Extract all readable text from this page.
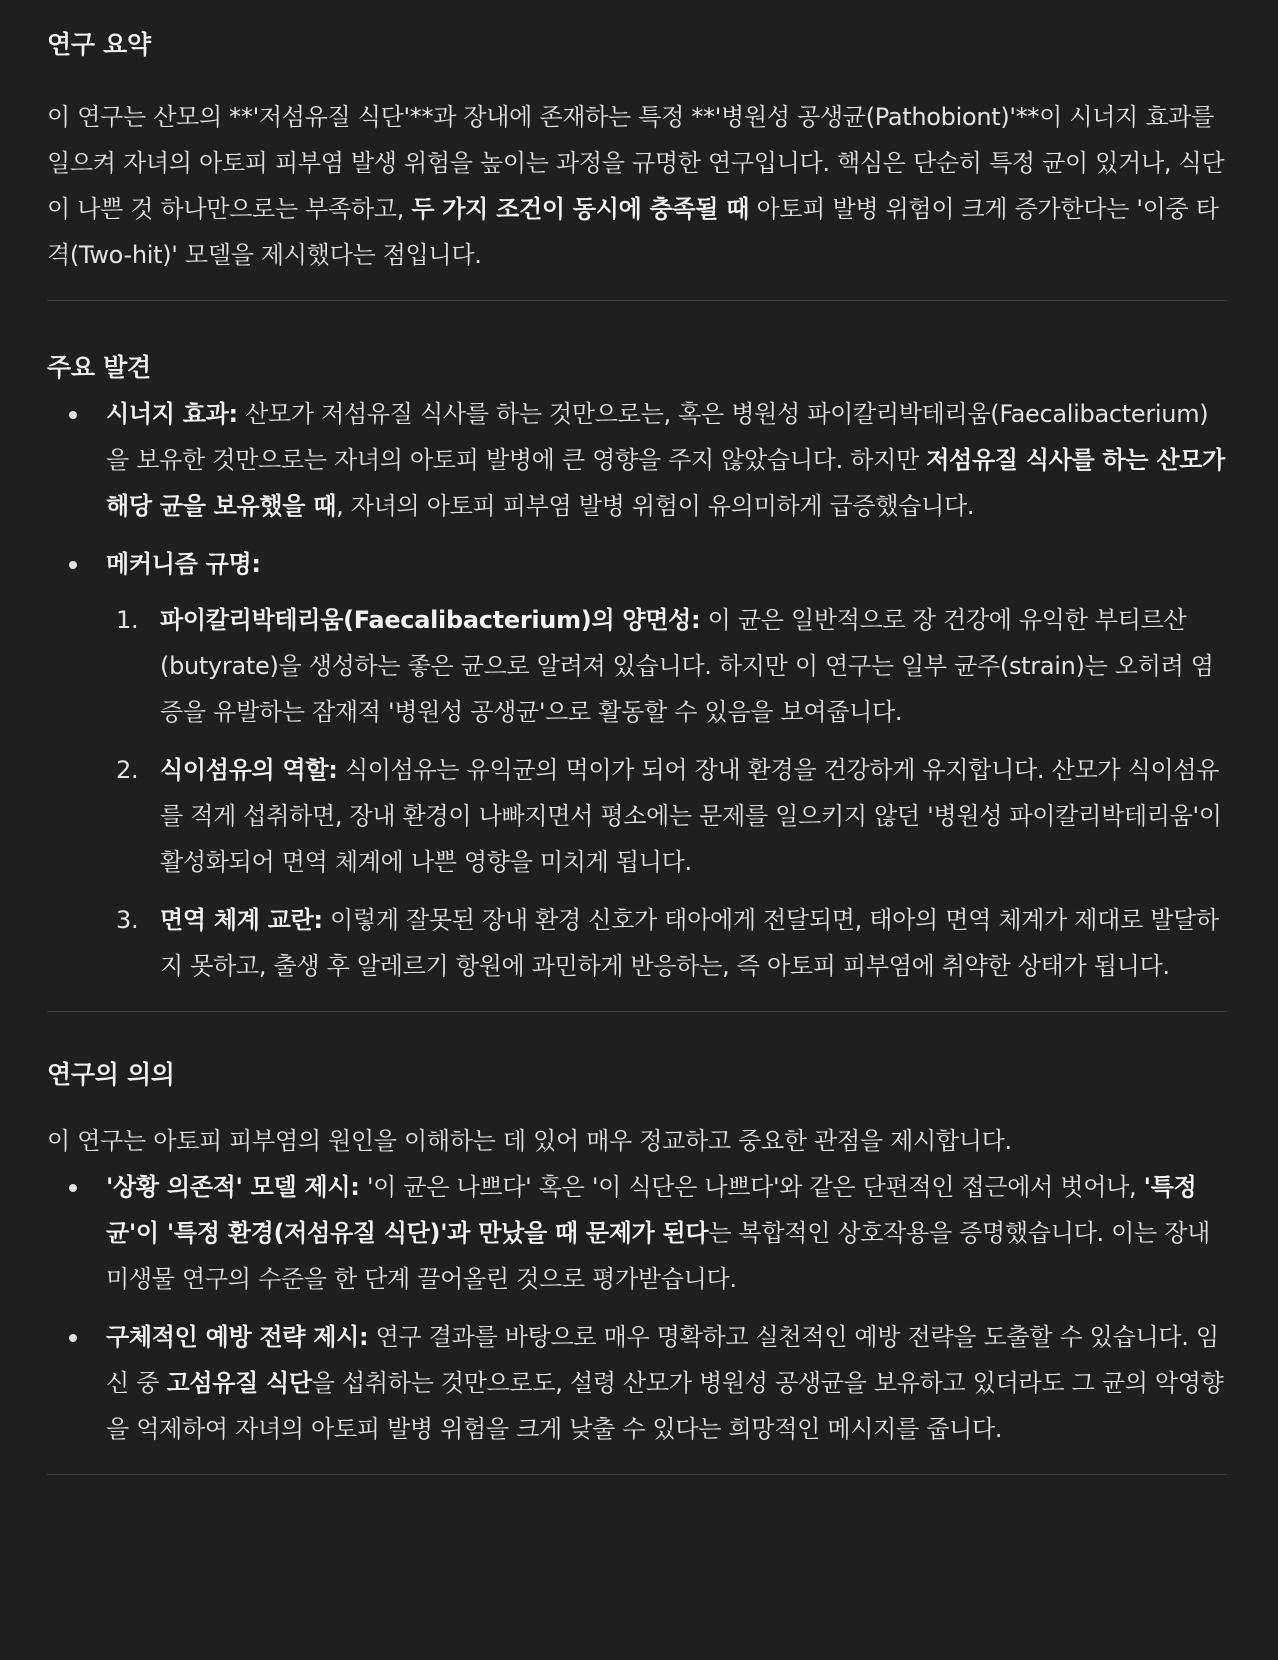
연구 요약

이 연구는 산모의 **'저섬유질 식단'**과 장내에 존재하는 특정 **'병원성 공생균(Pathobiont)'**이 시너지 효과를 일으켜 자녀의 아토피 피부염 발생 위험을 높이는 과정을 규명한 연구입니다. 핵심은 단순히 특정 균이 있거나, 식단이 나쁜 것 하나만으로는 부족하고, 두 가지 조건이 동시에 충족될 때 아토피 발병 위험이 크게 증가한다는 '이중 타격(Two-hit)' 모델을 제시했다는 점입니다.

주요 발견
시너지 효과: 산모가 저섬유질 식사를 하는 것만으로는, 혹은 병원성 파이칼리박테리움(Faecalibacterium)을 보유한 것만으로는 자녀의 아토피 발병에 큰 영향을 주지 않았습니다. 하지만 저섬유질 식사를 하는 산모가 해당 균을 보유했을 때, 자녀의 아토피 피부염 발병 위험이 유의미하게 급증했습니다.
메커니즘 규명:
1. 파이칼리박테리움(Faecalibacterium)의 양면성: 이 균은 일반적으로 장 건강에 유익한 부티르산(butyrate)을 생성하는 좋은 균으로 알려져 있습니다. 하지만 이 연구는 일부 균주(strain)는 오히려 염증을 유발하는 잠재적 '병원성 공생균'으로 활동할 수 있음을 보여줍니다.
2. 식이섬유의 역할: 식이섬유는 유익균의 먹이가 되어 장내 환경을 건강하게 유지합니다. 산모가 식이섬유를 적게 섭취하면, 장내 환경이 나빠지면서 평소에는 문제를 일으키지 않던 '병원성 파이칼리박테리움'이 활성화되어 면역 체계에 나쁜 영향을 미치게 됩니다.
3. 면역 체계 교란: 이렇게 잘못된 장내 환경 신호가 태아에게 전달되면, 태아의 면역 체계가 제대로 발달하지 못하고, 출생 후 알레르기 항원에 과민하게 반응하는, 즉 아토피 피부염에 취약한 상태가 됩니다.
연구의 의의

이 연구는 아토피 피부염의 원인을 이해하는 데 있어 매우 정교하고 중요한 관점을 제시합니다.

'상황 의존적' 모델 제시: '이 균은 나쁘다' 혹은 '이 식단은 나쁘다'와 같은 단편적인 접근에서 벗어나, '특정 균'이 '특정 환경(저섬유질 식단)'과 만났을 때 문제가 된다는 복합적인 상호작용을 증명했습니다. 이는 장내 미생물 연구의 수준을 한 단계 끌어올린 것으로 평가받습니다.
구체적인 예방 전략 제시: 연구 결과를 바탕으로 매우 명확하고 실천적인 예방 전략을 도출할 수 있습니다. 임신 중 고섬유질 식단을 섭취하는 것만으로도, 설령 산모가 병원성 공생균을 보유하고 있더라도 그 균의 악영향을 억제하여 자녀의 아토피 발병 위험을 크게 낮출 수 있다는 희망적인 메시지를 줍니다.
